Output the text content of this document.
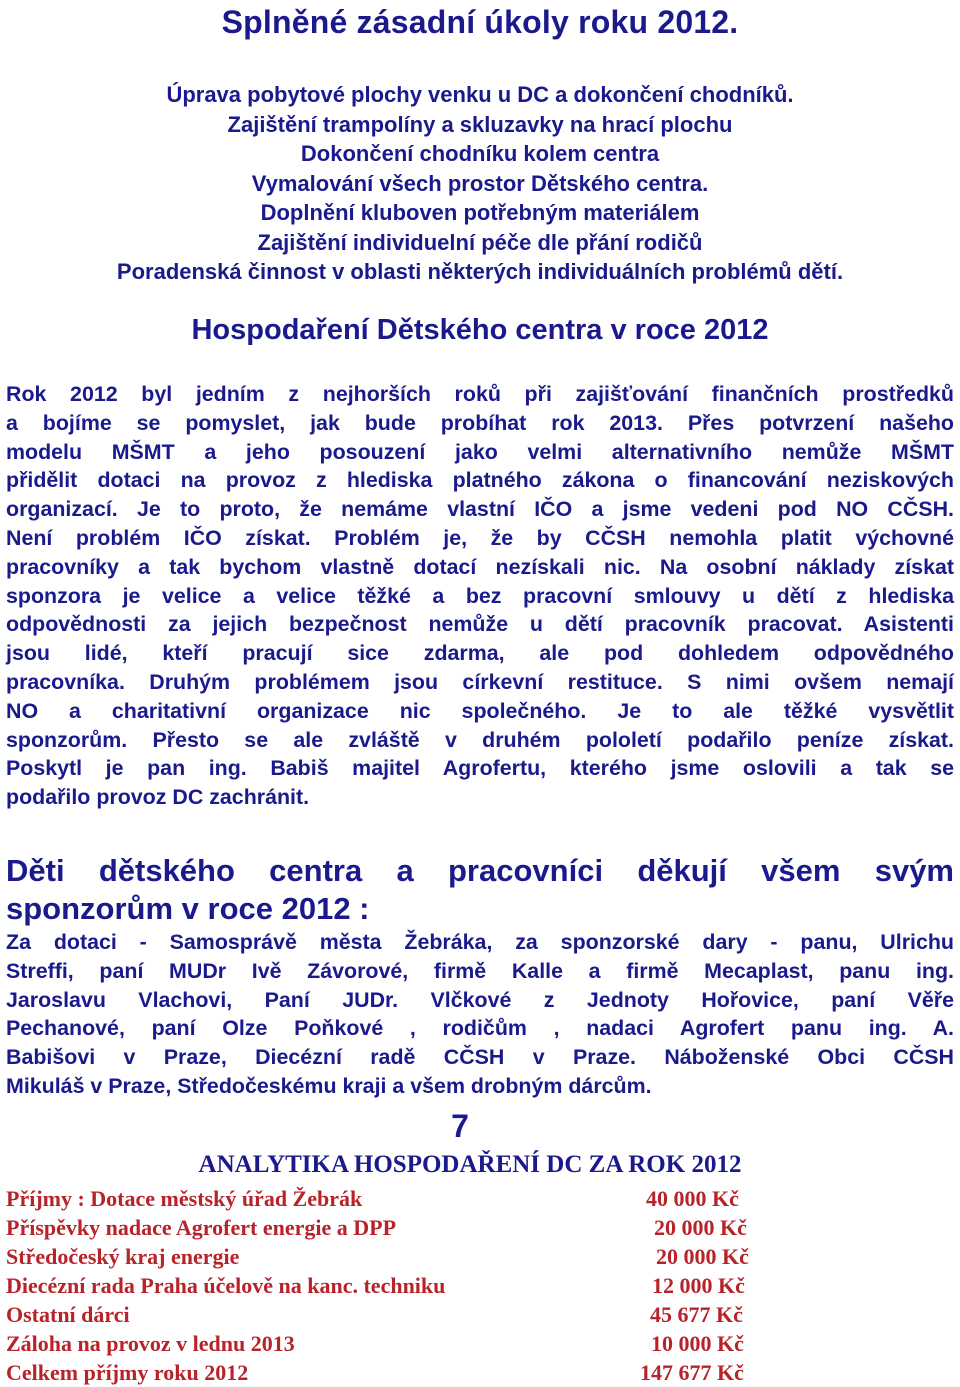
Splněné zásadní úkoly roku 2012.
Úprava pobytové plochy venku u DC a dokončení chodníků.
Zajištění trampolíny a skluzavky na hrací plochu
Dokončení chodníku kolem centra
Vymalování všech prostor Dětského centra.
Doplnění kluboven potřebným materiálem
Zajištění individuelní péče dle přání rodičů
Poradenská činnost v oblasti některých individuálních problémů dětí.
Hospodaření Dětského centra v roce 2012
Rok 2012 byl jedním z nejhorších roků při zajišťování finančních prostředků
a bojíme se pomyslet, jak bude probíhat rok 2013. Přes potvrzení našeho
modelu MŠMT a jeho posouzení jako velmi alternativního nemůže MŠMT
přidělit dotaci na provoz z hlediska platného zákona o financování neziskových
organizací. Je to proto, že nemáme vlastní IČO a jsme vedeni pod NO CČSH.
Není problém IČO získat. Problém je, že by CČSH nemohla platit výchovné
pracovníky a tak bychom vlastně dotací nezískali nic. Na osobní náklady získat
sponzora je velice a velice těžké a bez pracovní smlouvy u dětí z hlediska
odpovědnosti za jejich bezpečnost nemůže u dětí pracovník pracovat. Asistenti
jsou lidé, kteří pracují sice zdarma, ale pod dohledem odpovědného
pracovníka. Druhým problémem jsou církevní restituce. S nimi ovšem nemají
NO a charitativní organizace nic společného. Je to ale těžké vysvětlit
sponzorům. Přesto se ale zvláště v druhém pololetí podařilo peníze získat.
Poskytl je pan ing. Babiš majitel Agrofertu, kterého jsme oslovili a tak se
podařilo provoz DC zachránit.
Děti dětského centra a pracovníci děkují všem svým
sponzorům v roce 2012 :
Za dotaci - Samosprávě města Žebráka, za sponzorské dary - panu, Ulrichu
Streffi, paní MUDr Ivě Závorové, firmě Kalle a firmě Mecaplast, panu ing.
Jaroslavu Vlachovi, Paní JUDr. Vlčkové z Jednoty Hořovice, paní Věře
Pechanové, paní Olze Poňkové , rodičům , nadaci Agrofert panu ing. A.
Babišovi v Praze, Diecézní radě CČSH v Praze. Náboženské Obci CČSH
Mikuláš v Praze, Středočeskému kraji a všem drobným dárcům.
7
ANALYTIKA HOSPODAŘENÍ DC ZA ROK 2012
Příjmy : Dotace městský úřad Žebrák	40 000 Kč
Příspěvky nadace Agrofert energie a DPP	20 000 Kč
Středočeský kraj energie	20 000 Kč
Diecézní rada Praha účelově na kanc. techniku	12 000 Kč
Ostatní dárci	45 677 Kč
Záloha na provoz v lednu 2013	10 000 Kč
Celkem příjmy roku 2012	147 677 Kč
